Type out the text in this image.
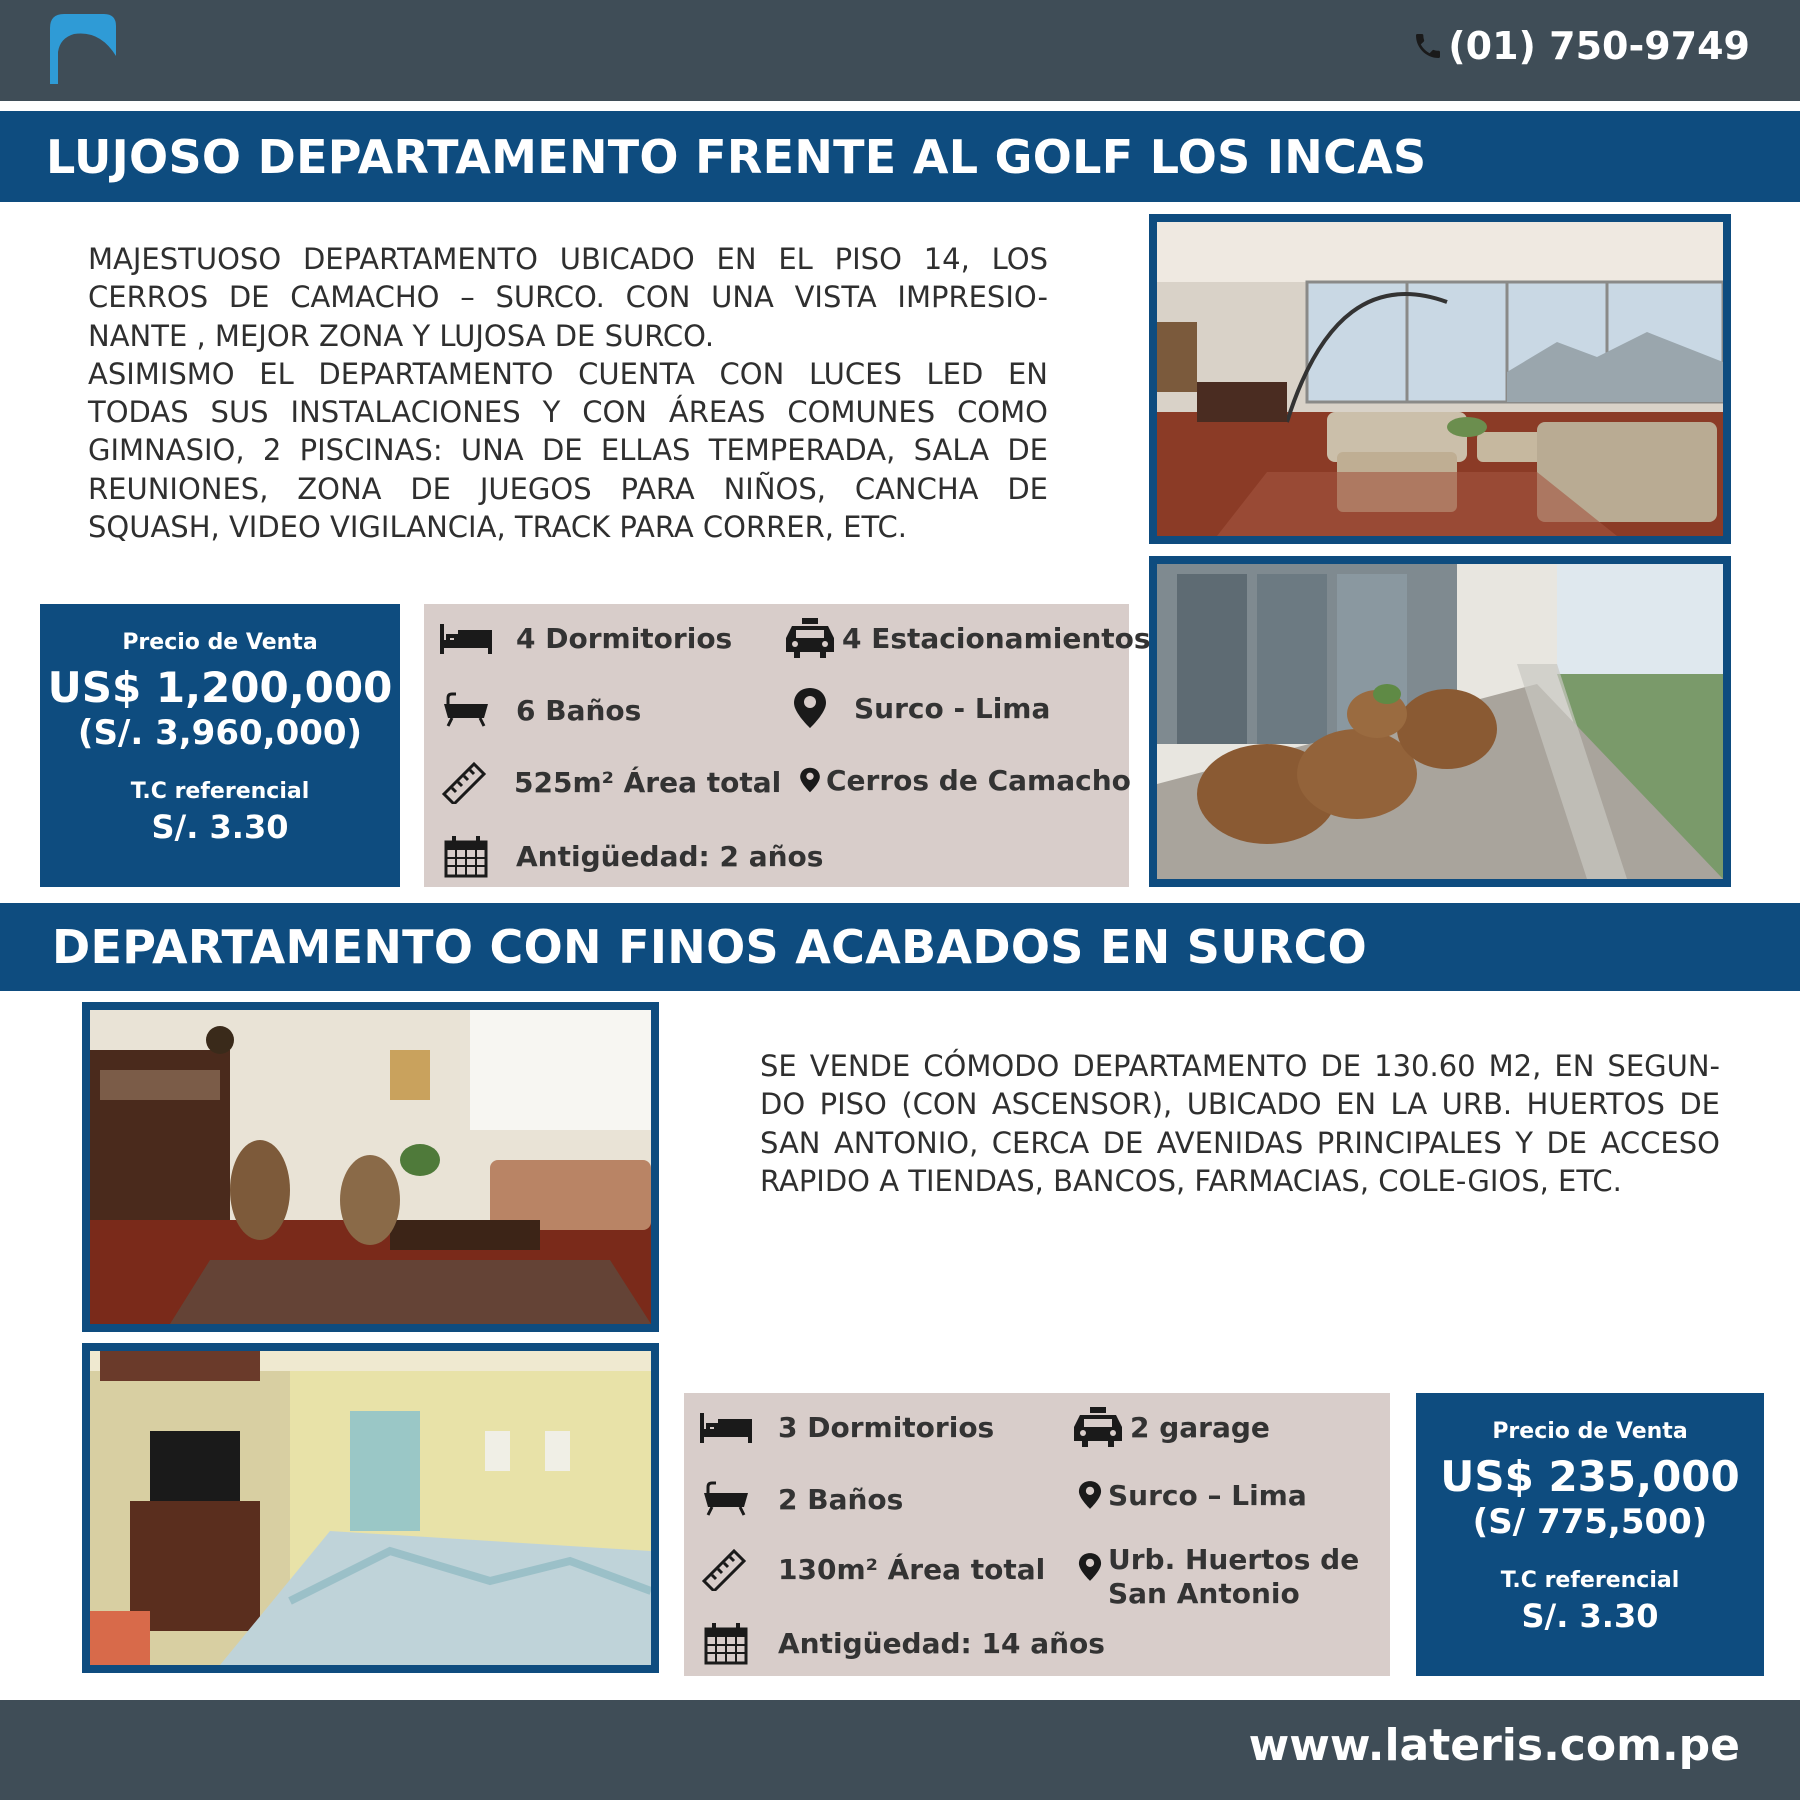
(01) 750-9749
LUJOSO DEPARTAMENTO FRENTE AL GOLF LOS INCAS

MAJESTUOSO DEPARTAMENTO UBICADO EN EL PISO 14, LOS CERROS DE CAMACHO – SURCO. CON UNA VISTA IMPRESIO-NANTE , MEJOR ZONA Y LUJOSA DE SURCO.

ASIMISMO EL DEPARTAMENTO CUENTA CON LUCES LED EN TODAS SUS INSTALACIONES Y CON ÁREAS COMUNES COMO GIMNASIO, 2 PISCINAS: UNA DE ELLAS TEMPERADA, SALA DE REUNIONES, ZONA DE JUEGOS PARA NIÑOS, CANCHA DE SQUASH, VIDEO VIGILANCIA, TRACK PARA CORRER, ETC.

Precio de Venta
US$ 1,200,000
(S/. 3,960,000)
T.C referencial
S/. 3.30
4 Dormitorios	4 Estacionamientos
6 Baños	Surco - Lima
525m² Área total Cerros de Camacho
Antigüedad: 2 años
DEPARTAMENTO CON FINOS ACABADOS EN SURCO

SE VENDE CÓMODO DEPARTAMENTO DE 130.60 M2, EN SEGUN-DO PISO (CON ASCENSOR), UBICADO EN LA URB. HUERTOS DE SAN ANTONIO, CERCA DE AVENIDAS PRINCIPALES Y DE ACCESO RAPIDO A TIENDAS, BANCOS, FARMACIAS, COLE-GIOS, ETC.

3 Dormitorios	2 garage
2 Baños	Surco – Lima
130m² Área total Urb. Huertos de
San Antonio
Antigüedad: 14 años
Precio de Venta
US$ 235,000
(S/ 775,500)
T.C referencial
S/. 3.30
www.lateris.com.pe
